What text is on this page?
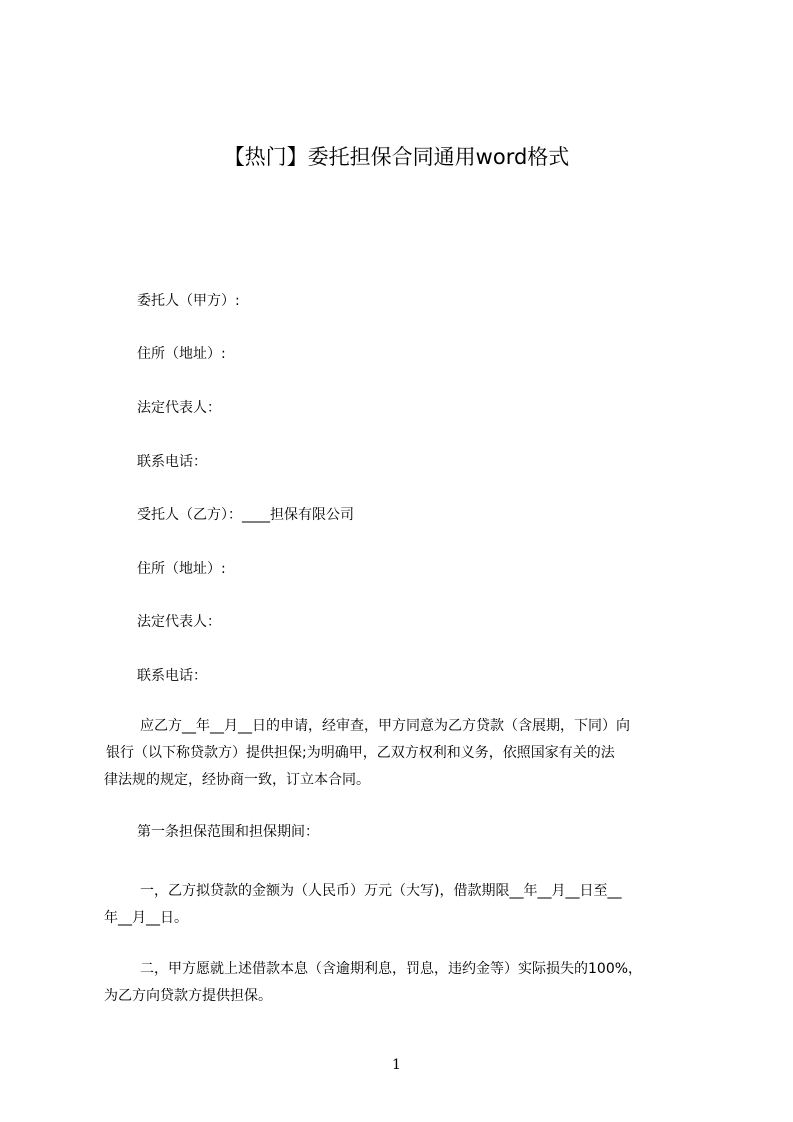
【热门】委托担保合同通用word格式
委托人（甲方）:
住所（地址）:
法定代表人：
联系电话：
受托人（乙方）：____担保有限公司
住所（地址）:
法定代表人：
联系电话：
应乙方__年__月__日的申请，经审查，甲方同意为乙方贷款（含展期，下同）向
银行（以下称贷款方）提供担保;为明确甲，乙双方权利和义务，依照国家有关的法
律法规的规定，经协商一致，订立本合同。
第一条担保范围和担保期间：
一，乙方拟贷款的金额为（人民币）万元（大写)，借款期限__年__月__日至__
年__月__日。
二，甲方愿就上述借款本息（含逾期利息，罚息，违约金等）实际损失的100%，
为乙方向贷款方提供担保。
1
